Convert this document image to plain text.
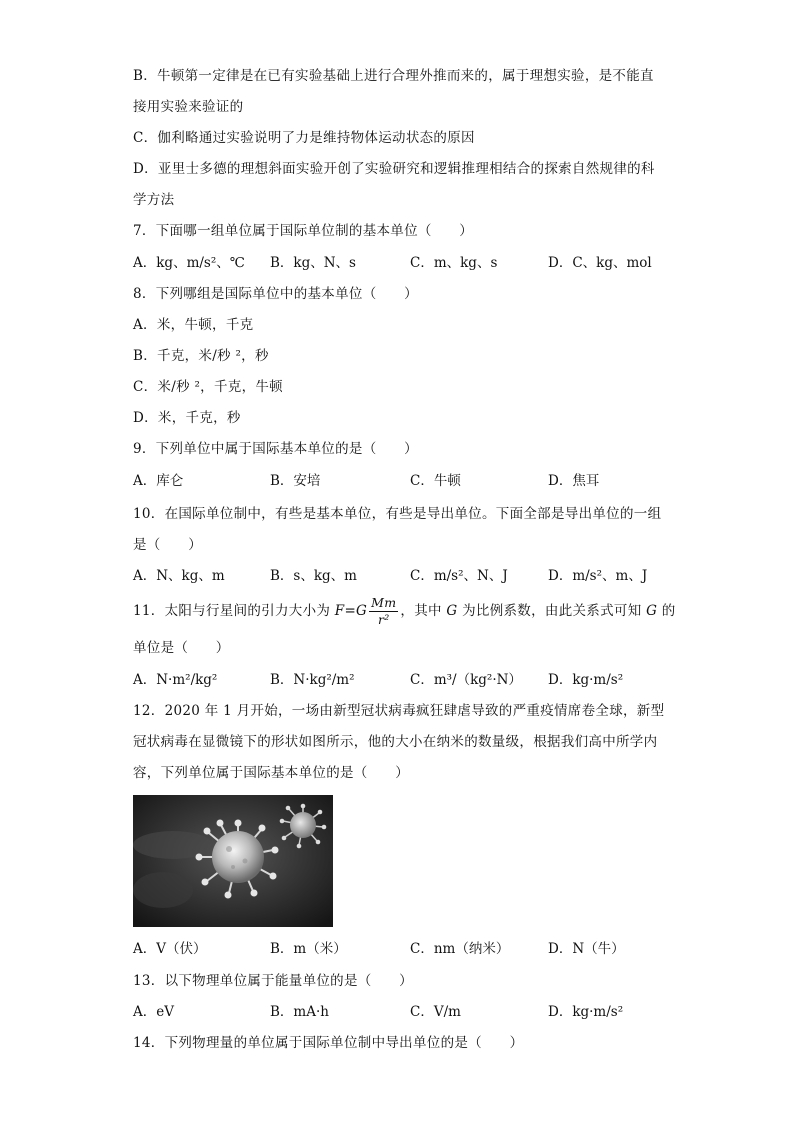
B．牛顿第一定律是在已有实验基础上进行合理外推而来的，属于理想实验，是不能直
接用实验来验证的
C．伽利略通过实验说明了力是维持物体运动状态的原因
D．亚里士多德的理想斜面实验开创了实验研究和逻辑推理相结合的探索自然规律的科
学方法
7．下面哪一组单位属于国际单位制的基本单位（　　）
A．kg、m/s²、℃ B．kg、N、s	C．m、kg、s	D．C、kg、mol
8．下列哪组是国际单位中的基本单位（　　）
A．米，牛顿，千克
B．千克，米/秒 ²，秒
C．米/秒 ²，千克，牛顿
D．米，千克，秒
9．下列单位中属于国际基本单位的是（　　）
A．库仑	B．安培	C．牛顿	D．焦耳
10．在国际单位制中，有些是基本单位，有些是导出单位。下面全部是导出单位的一组
是（　　）
A．N、kg、m	B．s、kg、m	C．m/s²、N、J	D．m/s²、m、J
11．太阳与行星间的引力大小为 $F=G \frac{Mm}{\text{r²}}$ ，其中 G 为比例系数，由此关系式可知 G 的
单位是（　　）
A．N·m²/kg²	B．N·kg²/m²	C．m³/（kg²·N） D．kg·m/s²
12．2020 年 1 月开始，一场由新型冠状病毒疯狂肆虐导致的严重疫情席卷全球，新型
冠状病毒在显微镜下的形状如图所示，他的大小在纳米的数量级，根据我们高中所学内
容，下列单位属于国际基本单位的是（　　）
A．V（伏）	B．m（米）	C．nm（纳米）	D．N（牛）
13．以下物理单位属于能量单位的是（　　）
A．eV	B．mA·h	C．V/m	D．kg·m/s²
14．下列物理量的单位属于国际单位制中导出单位的是（　　）
